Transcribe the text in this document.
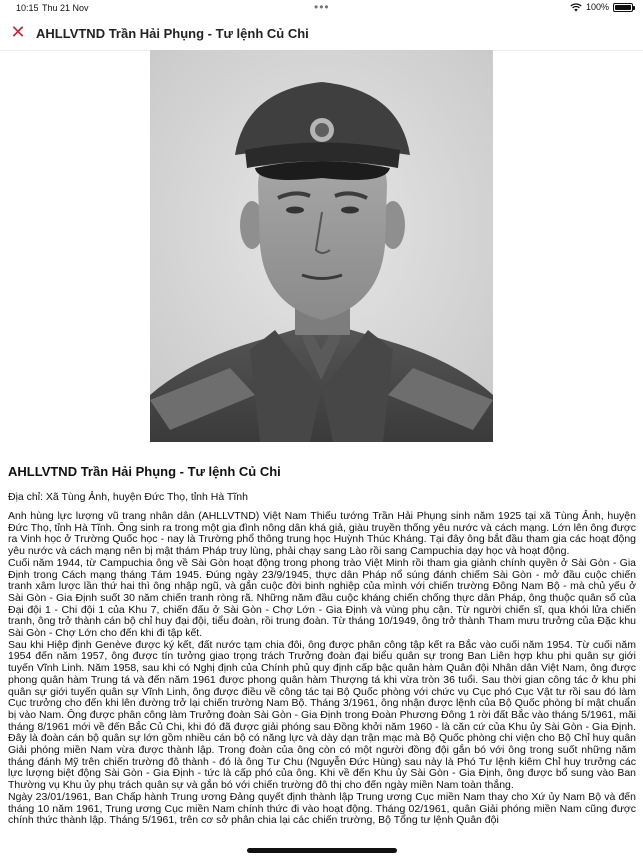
10:15 Thu 21 Nov	•••	100%
✕ AHLLVTND Trần Hải Phụng - Tư lệnh Củ Chi
AHLLVTND Trần Hải Phụng - Tư lệnh Củ Chi

Địa chỉ: Xã Tùng Ảnh, huyện Đức Thọ, tỉnh Hà Tĩnh

Anh hùng lực lượng vũ trang nhân dân (AHLLVTND) Việt Nam Thiếu tướng Trần Hải Phụng sinh năm 1925 tại xã Tùng Ảnh, huyện Đức Thọ, tỉnh Hà Tĩnh. Ông sinh ra trong một gia đình nông dân khá giả, giàu truyền thống yêu nước và cách mạng. Lớn lên ông được ra Vinh học ở Trường Quốc học - nay là Trường phổ thông trung học Huỳnh Thúc Kháng. Tại đây ông bắt đầu tham gia các hoạt động yêu nước và cách mạng nên bị mật thám Pháp truy lùng, phải chạy sang Lào rồi sang Campuchia dạy học và hoạt động.

Cuối năm 1944, từ Campuchia ông về Sài Gòn hoạt động trong phong trào Việt Minh rồi tham gia giành chính quyền ở Sài Gòn - Gia Định trong Cách mạng tháng Tám 1945. Đúng ngày 23/9/1945, thực dân Pháp nổ súng đánh chiếm Sài Gòn - mở đầu cuộc chiến tranh xâm lược lần thứ hai thì ông nhập ngũ, và gắn cuộc đời binh nghiệp của mình với chiến trường Đông Nam Bộ - mà chủ yếu ở Sài Gòn - Gia Định suốt 30 năm chiến tranh ròng rã. Những năm đầu cuộc kháng chiến chống thực dân Pháp, ông thuộc quân số của Đại đội 1 - Chi đội 1 của Khu 7, chiến đấu ở Sài Gòn - Chợ Lớn - Gia Định và vùng phụ cận. Từ người chiến sĩ, qua khói lửa chiến tranh, ông trở thành cán bộ chỉ huy đại đội, tiểu đoàn, rồi trung đoàn. Từ tháng 10/1949, ông trở thành Tham mưu trưởng của Đặc khu Sài Gòn - Chợ Lớn cho đến khi đi tập kết.

Sau khi Hiệp định Genève được ký kết, đất nước tạm chia đôi, ông được phân công tập kết ra Bắc vào cuối năm 1954. Từ cuối năm 1954 đến năm 1957, ông được tín tưởng giao trọng trách Trưởng đoàn đại biểu quân sự trong Ban Liên hợp khu phi quân sự giới tuyến Vĩnh Linh. Năm 1958, sau khi có Nghị định của Chính phủ quy định cấp bậc quân hàm Quân đội Nhân dân Việt Nam, ông được phong quân hàm Trung tá và đến năm 1961 được phong quân hàm Thượng tá khi vừa tròn 36 tuổi. Sau thời gian công tác ở khu phi quân sự giới tuyến quân sự Vĩnh Linh, ông được điều về công tác tại Bộ Quốc phòng với chức vụ Cục phó Cục Vật tư rồi sau đó làm Cục trưởng cho đến khi lên đường trở lại chiến trường Nam Bộ. Tháng 3/1961, ông nhận được lệnh của Bộ Quốc phòng bí mật chuẩn bị vào Nam. Ông được phân công làm Trưởng đoàn Sài Gòn - Gia Định trong Đoàn Phương Đông 1 rời đất Bắc vào tháng 5/1961, mãi tháng 8/1961 mới về đến Bắc Củ Chi, khi đó đã được giải phóng sau Đồng khởi năm 1960 - là căn cứ của Khu ủy Sài Gòn - Gia Định. Đây là đoàn cán bộ quân sự lớn gồm nhiều cán bộ có năng lực và dày dạn trận mạc mà Bộ Quốc phòng chi viện cho Bộ Chỉ huy quân Giải phóng miền Nam vừa được thành lập. Trong đoàn của ông còn có một người đồng đội gắn bó với ông trong suốt những năm tháng đánh Mỹ trên chiến trường đô thành - đó là ông Tư Chu (Nguyễn Đức Hùng) sau này là Phó Tư lệnh kiêm Chỉ huy trưởng các lực lượng biệt động Sài Gòn - Gia Định - tức là cấp phó của ông. Khi về đến Khu ủy Sài Gòn - Gia Định, ông được bổ sung vào Ban Thường vụ Khu ủy phụ trách quân sự và gắn bó với chiến trường đô thị cho đến ngày miền Nam toàn thắng.

Ngày 23/01/1961, Ban Chấp hành Trung ương Đảng quyết định thành lập Trung ương Cục miền Nam thay cho Xứ ủy Nam Bộ và đến tháng 10 năm 1961, Trung ương Cục miền Nam chính thức đi vào hoạt động. Tháng 02/1961, quân Giải phóng miền Nam cũng được chính thức thành lập. Tháng 5/1961, trên cơ sở phân chia lại các chiến trường, Bộ Tổng tư lệnh Quân đội
